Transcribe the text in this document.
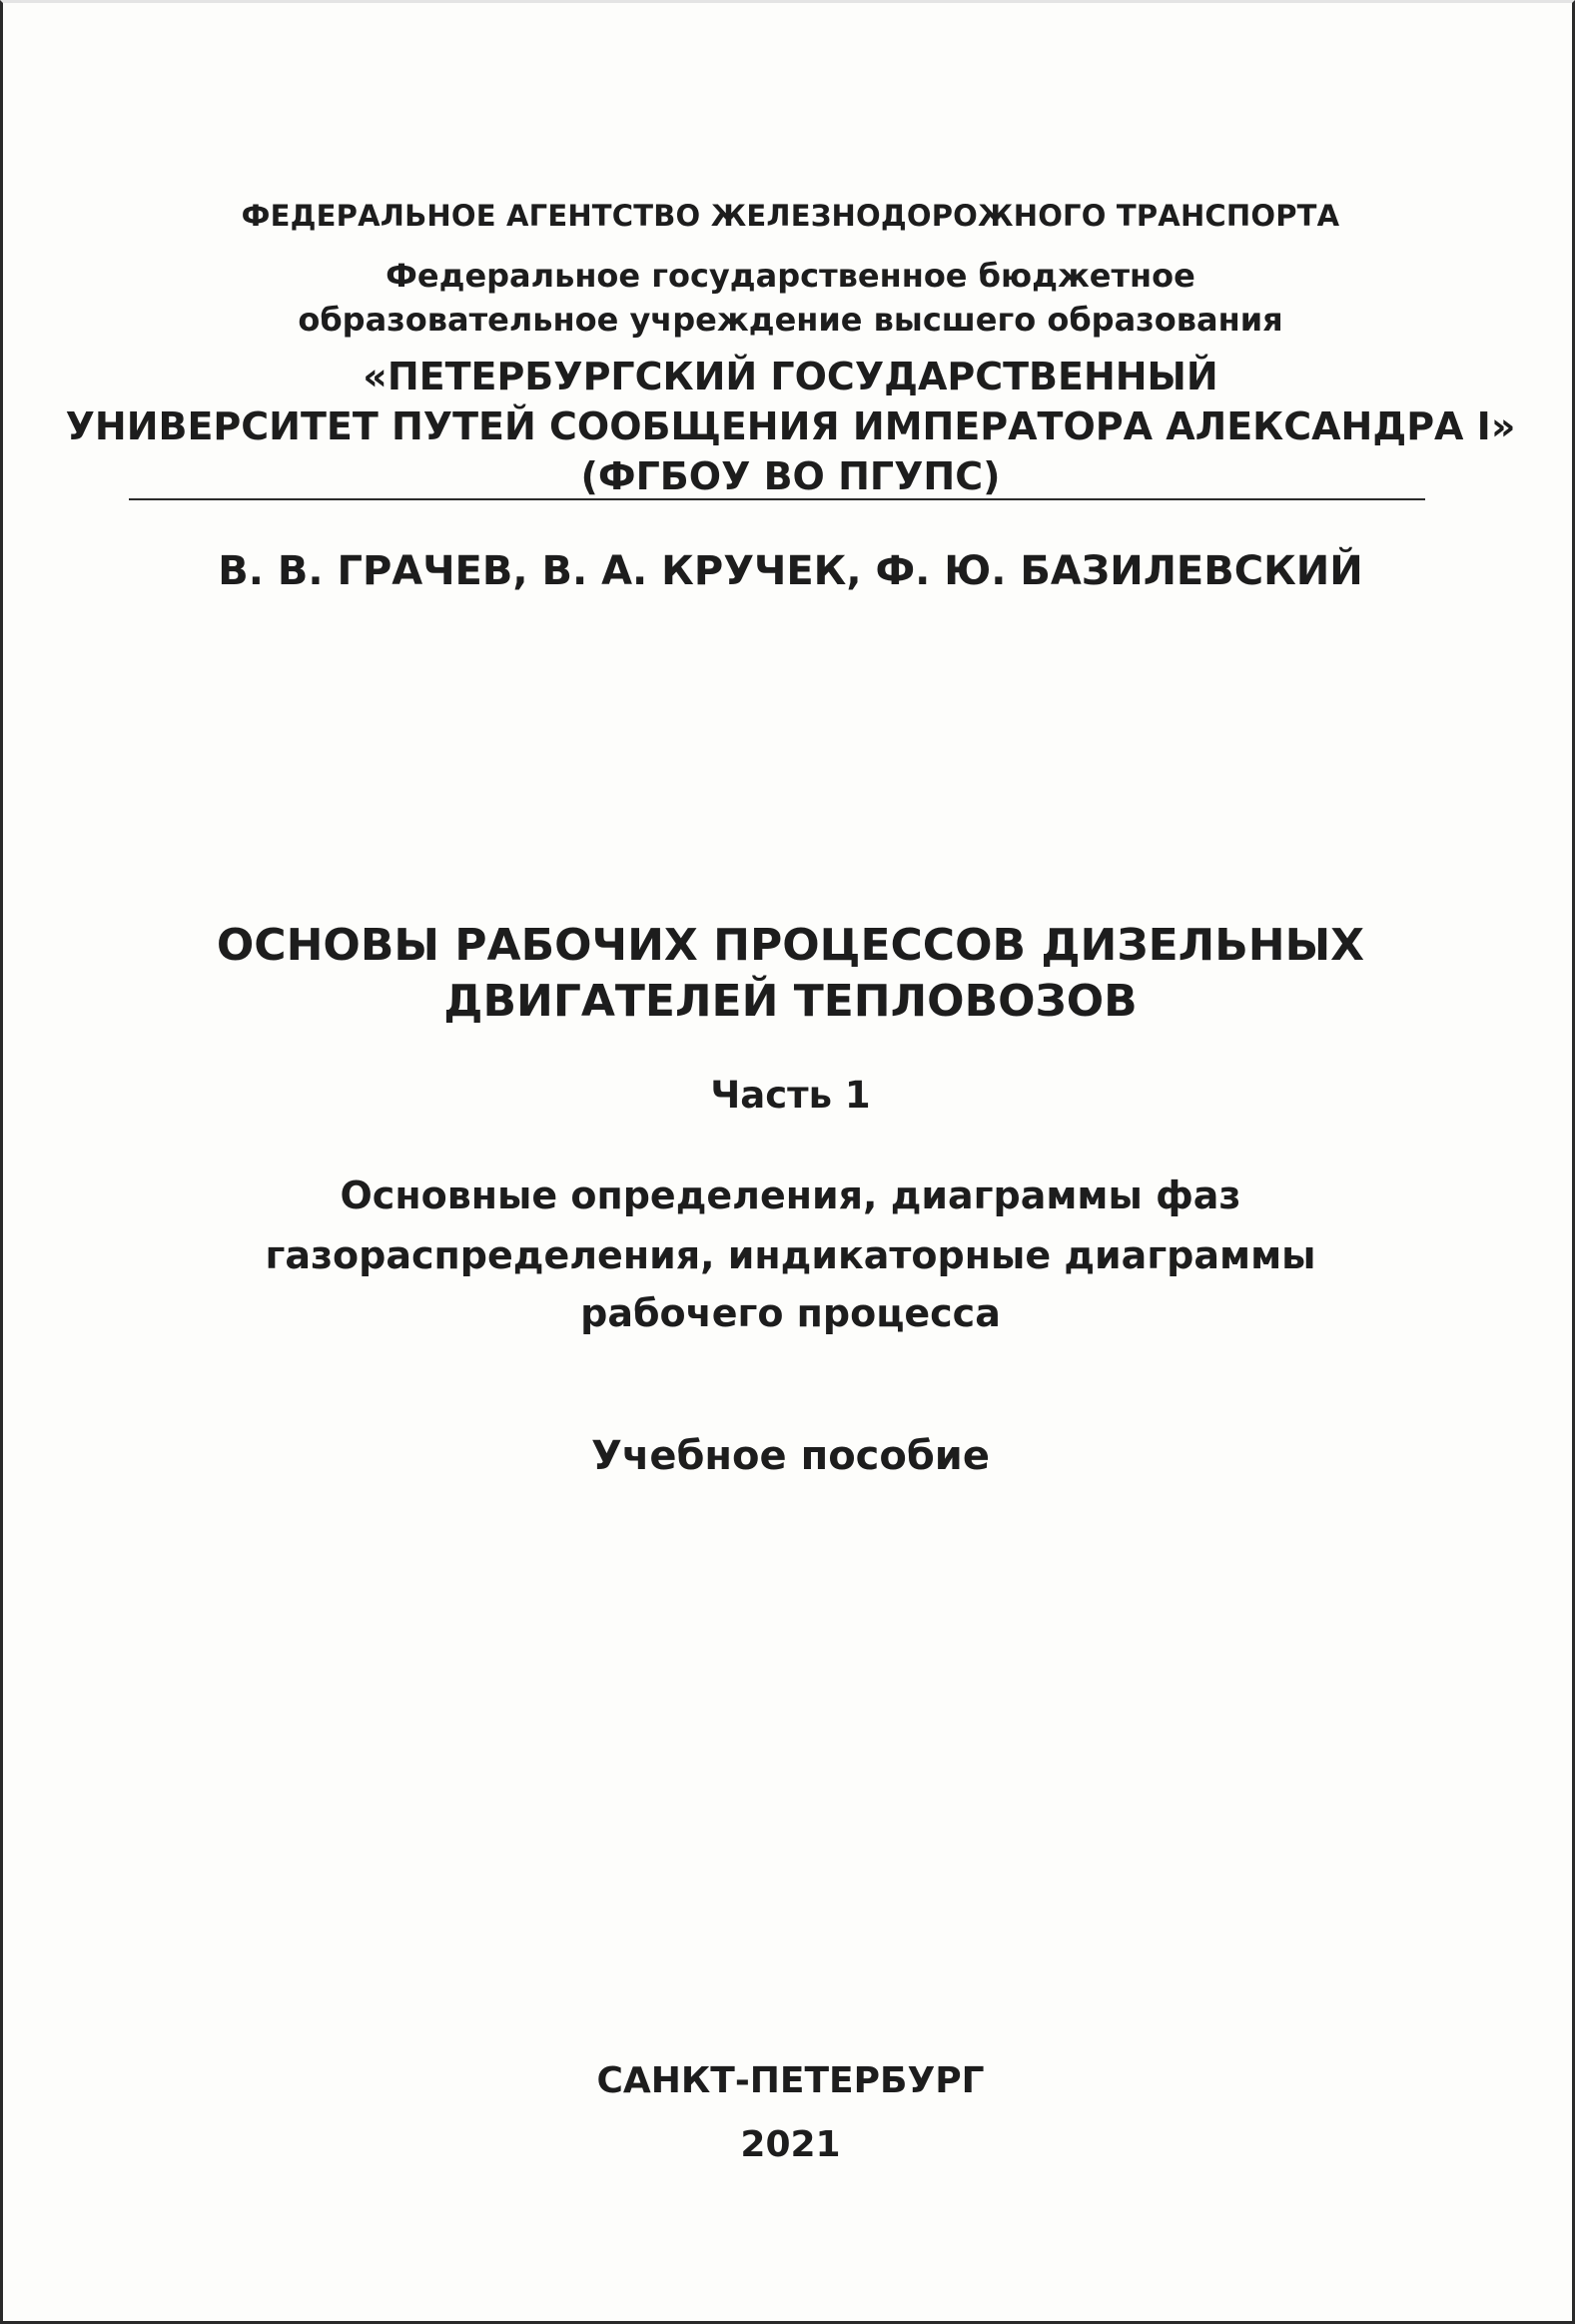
ФЕДЕРАЛЬНОЕ АГЕНТСТВО ЖЕЛЕЗНОДОРОЖНОГО ТРАНСПОРТА
Федеральное государственное бюджетное
образовательное учреждение высшего образования
«ПЕТЕРБУРГСКИЙ ГОСУДАРСТВЕННЫЙ
УНИВЕРСИТЕТ ПУТЕЙ СООБЩЕНИЯ ИМПЕРАТОРА АЛЕКСАНДРА I»
(ФГБОУ ВО ПГУПС)
В. В. ГРАЧЕВ, В. А. КРУЧЕК, Ф. Ю. БАЗИЛЕВСКИЙ
ОСНОВЫ РАБОЧИХ ПРОЦЕССОВ ДИЗЕЛЬНЫХ
ДВИГАТЕЛЕЙ ТЕПЛОВОЗОВ
Часть 1
Основные определения, диаграммы фаз
газораспределения, индикаторные диаграммы
рабочего процесса
Учебное пособие
САНКТ-ПЕТЕРБУРГ
2021
